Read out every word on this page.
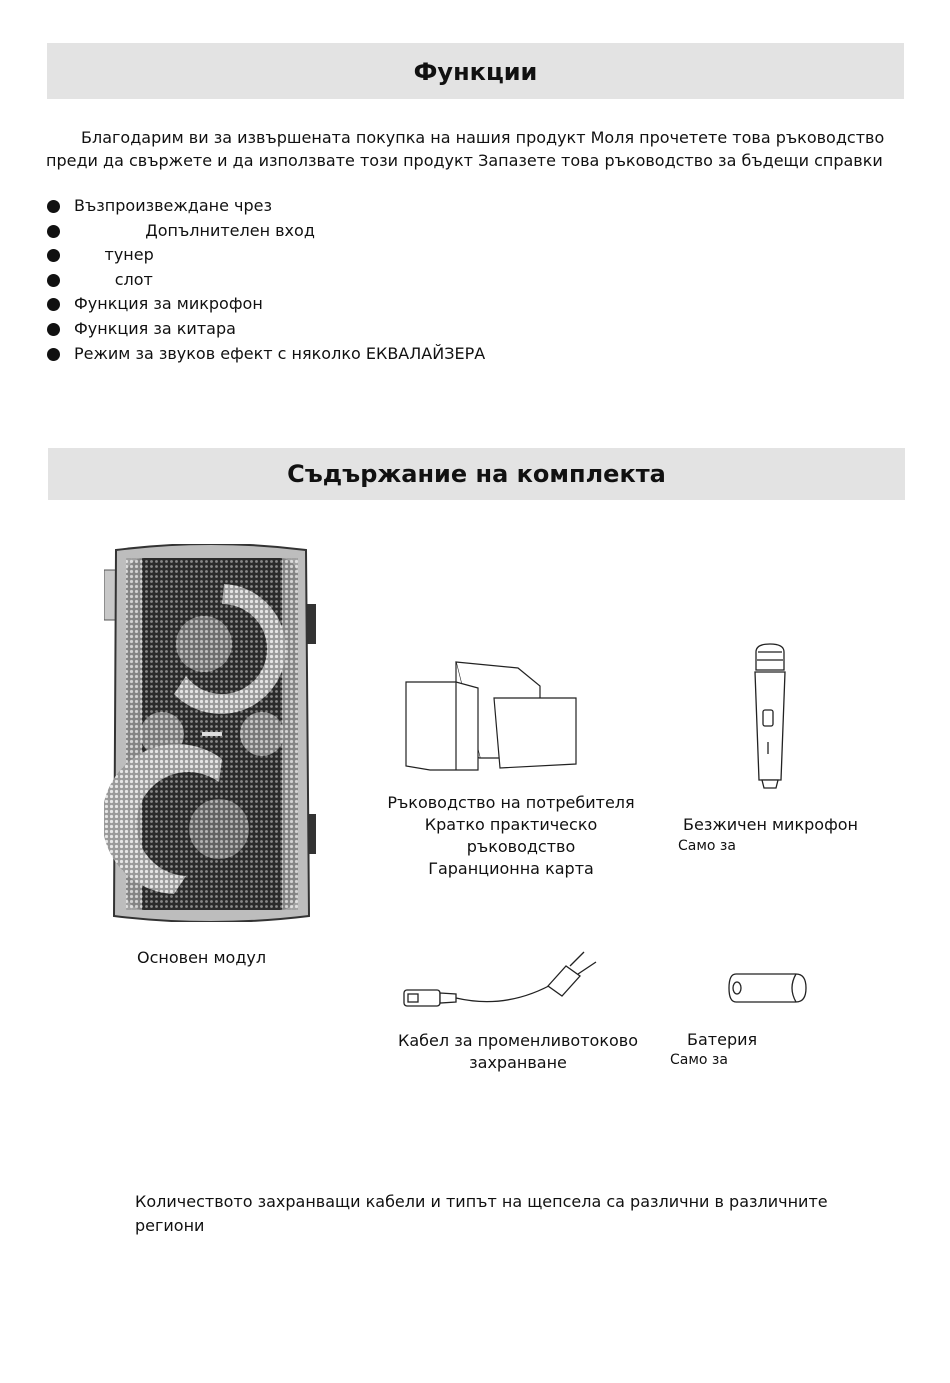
Функции

Благодарим ви за извършената покупка на нашия продукт Моля прочетете това ръководство

преди да свържете и да използвате този продукт Запазете това ръководство за бъдещи справки

Възпроизвеждане чрез
Допълнителен вход
тунер
слот
Функция за микрофон
Функция за китара
Режим за звуков ефект с няколко ЕКВАЛАЙЗЕРА
Съдържание на комплекта
Основен модул
Ръководство на потребителя
Кратко практическо
ръководство
Гаранционна карта
Безжичен микрофон
Само за
Кабел за променливотоково
захранване
Батерия
Само за
Количеството захранващи кабели и типът на щепсела са различни в различните
региони
